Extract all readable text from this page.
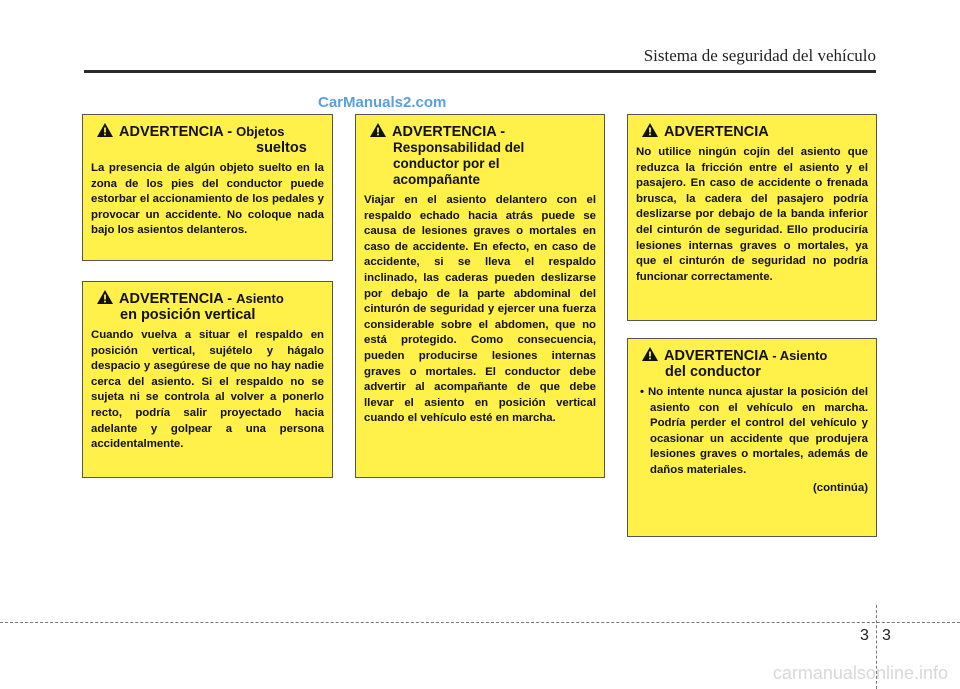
Sistema de seguridad del vehículo
CarManuals2.com
ADVERTENCIA - Objetos
sueltos
La presencia de algún objeto suelto en la zona de los pies del conductor puede estorbar el accionamiento de los pedales y provocar un accidente. No coloque nada bajo los asientos delanteros.
ADVERTENCIA - Asiento
en posición vertical
Cuando vuelva a situar el respaldo en posición vertical, sujételo y hágalo despacio y asegúrese de que no hay nadie cerca del asiento. Si el respaldo no se sujeta ni se controla al volver a ponerlo recto, podría salir proyectado hacia adelante y golpear a una persona accidentalmente.
ADVERTENCIA -
Responsabilidad del
conductor por el
acompañante
Viajar en el asiento delantero con el respaldo echado hacia atrás puede se causa de lesiones graves o mortales en caso de accidente. En efecto, en caso de accidente, si se lleva el respaldo inclinado, las caderas pueden deslizarse por debajo de la parte abdominal del cinturón de seguridad y ejercer una fuerza considerable sobre el abdomen, que no está protegido. Como consecuencia, pueden producirse lesiones internas graves o mortales. El conductor debe advertir al acompañante de que debe llevar el asiento en posición vertical cuando el vehículo esté en marcha.
ADVERTENCIA
No utilice ningún cojín del asiento que reduzca la fricción entre el asiento y el pasajero. En caso de accidente o frenada brusca, la cadera del pasajero podría deslizarse por debajo de la banda inferior del cinturón de seguridad. Ello produciría lesiones internas graves o mortales, ya que el cinturón de seguridad no podría funcionar correctamente.
ADVERTENCIA - Asiento
del conductor
• No intente nunca ajustar la posición del asiento con el vehículo en marcha. Podría perder el control del vehículo y ocasionar un accidente que produjera lesiones graves o mortales, además de daños materiales.
(continúa)
3 3
carmanualsonline.info
